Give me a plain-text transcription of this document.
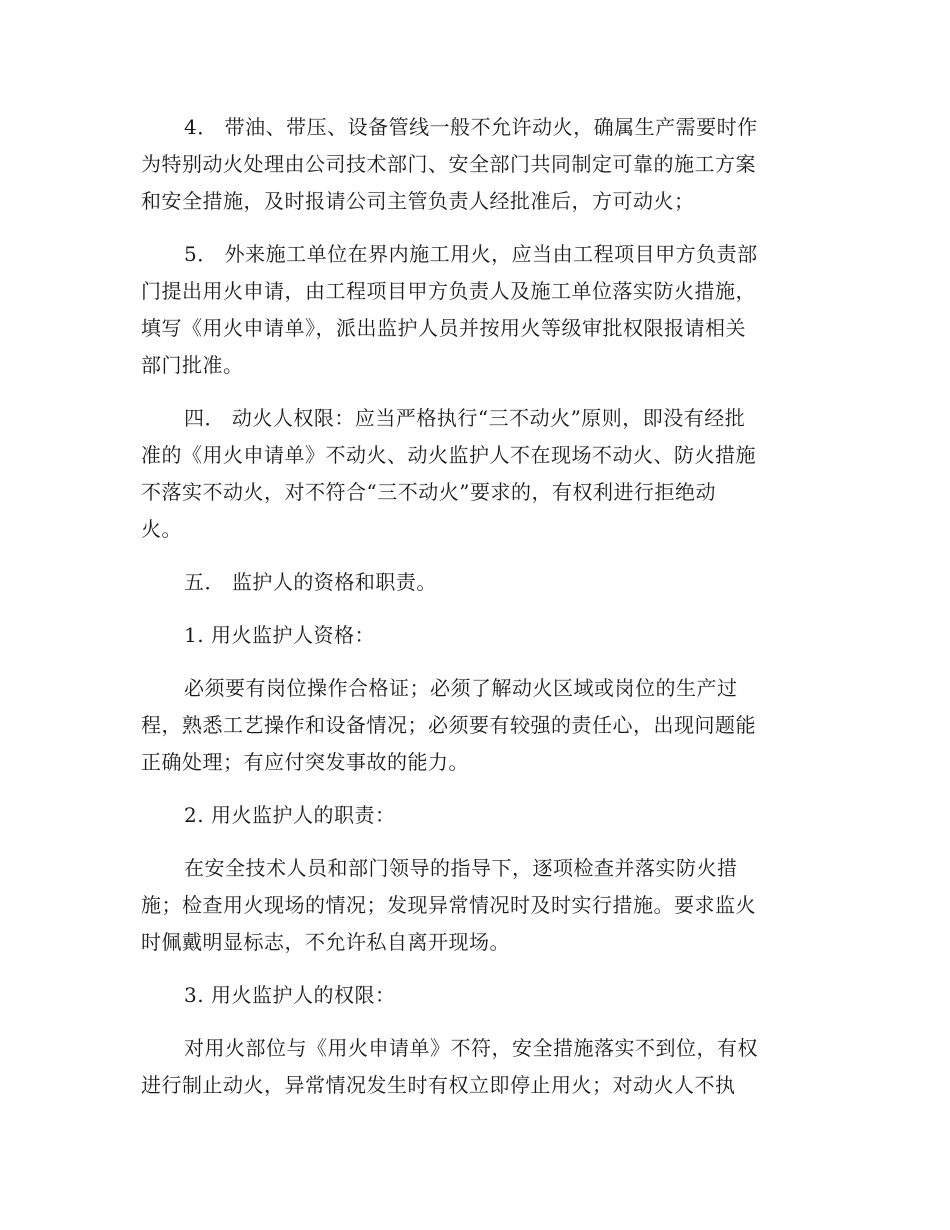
4． 带油、带压、设备管线一般不允许动火，确属生产需要时作
为特别动火处理由公司技术部门、安全部门共同制定可靠的施工方案
和安全措施，及时报请公司主管负责人经批准后，方可动火；
5． 外来施工单位在界内施工用火，应当由工程项目甲方负责部
门提出用火申请，由工程项目甲方负责人及施工单位落实防火措施，
填写《用火申请单》，派出监护人员并按用火等级审批权限报请相关
部门批准。
四． 动火人权限：应当严格执行“三不动火”原则，即没有经批
准的《用火申请单》不动火、动火监护人不在现场不动火、防火措施
不落实不动火，对不符合“三不动火”要求的，有权利进行拒绝动
火。
五． 监护人的资格和职责。
1. 用火监护人资格：
必须要有岗位操作合格证；必须了解动火区域或岗位的生产过
程，熟悉工艺操作和设备情况；必须要有较强的责任心，出现问题能
正确处理；有应付突发事故的能力。
2. 用火监护人的职责：
在安全技术人员和部门领导的指导下，逐项检查并落实防火措
施；检查用火现场的情况；发现异常情况时及时实行措施。要求监火
时佩戴明显标志，不允许私自离开现场。
3. 用火监护人的权限：
对用火部位与《用火申请单》不符，安全措施落实不到位，有权
进行制止动火，异常情况发生时有权立即停止用火；对动火人不执
